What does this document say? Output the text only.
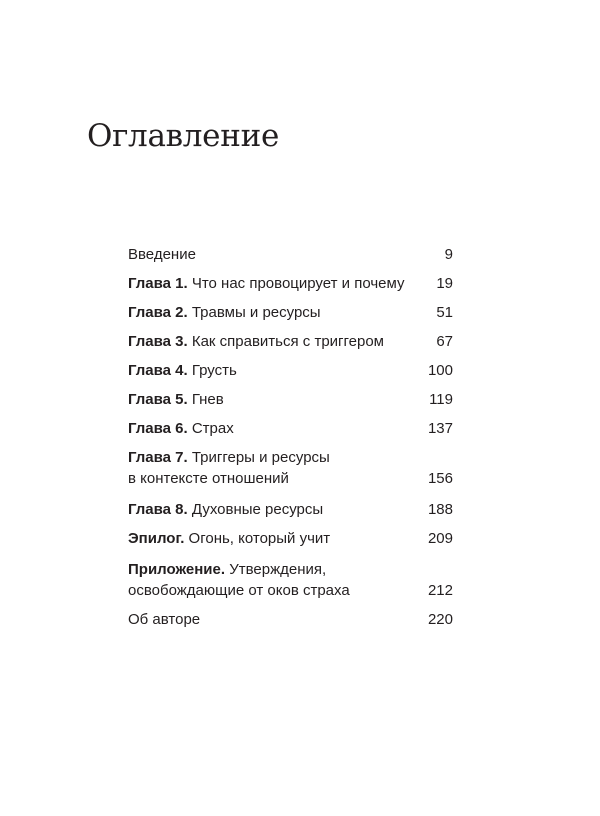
Оглавление
Введение	9
Глава 1. Что нас провоцирует и почему	19
Глава 2. Травмы и ресурсы	51
Глава 3. Как справиться с триггером	67
Глава 4. Грусть	100
Глава 5. Гнев	119
Глава 6. Страх	137
Глава 7. Триггеры и ресурсы
в контексте отношений	156
Глава 8. Духовные ресурсы	188
Эпилог. Огонь, который учит	209
Приложение. Утверждения,
освобождающие от оков страха	212
Об авторе	220
